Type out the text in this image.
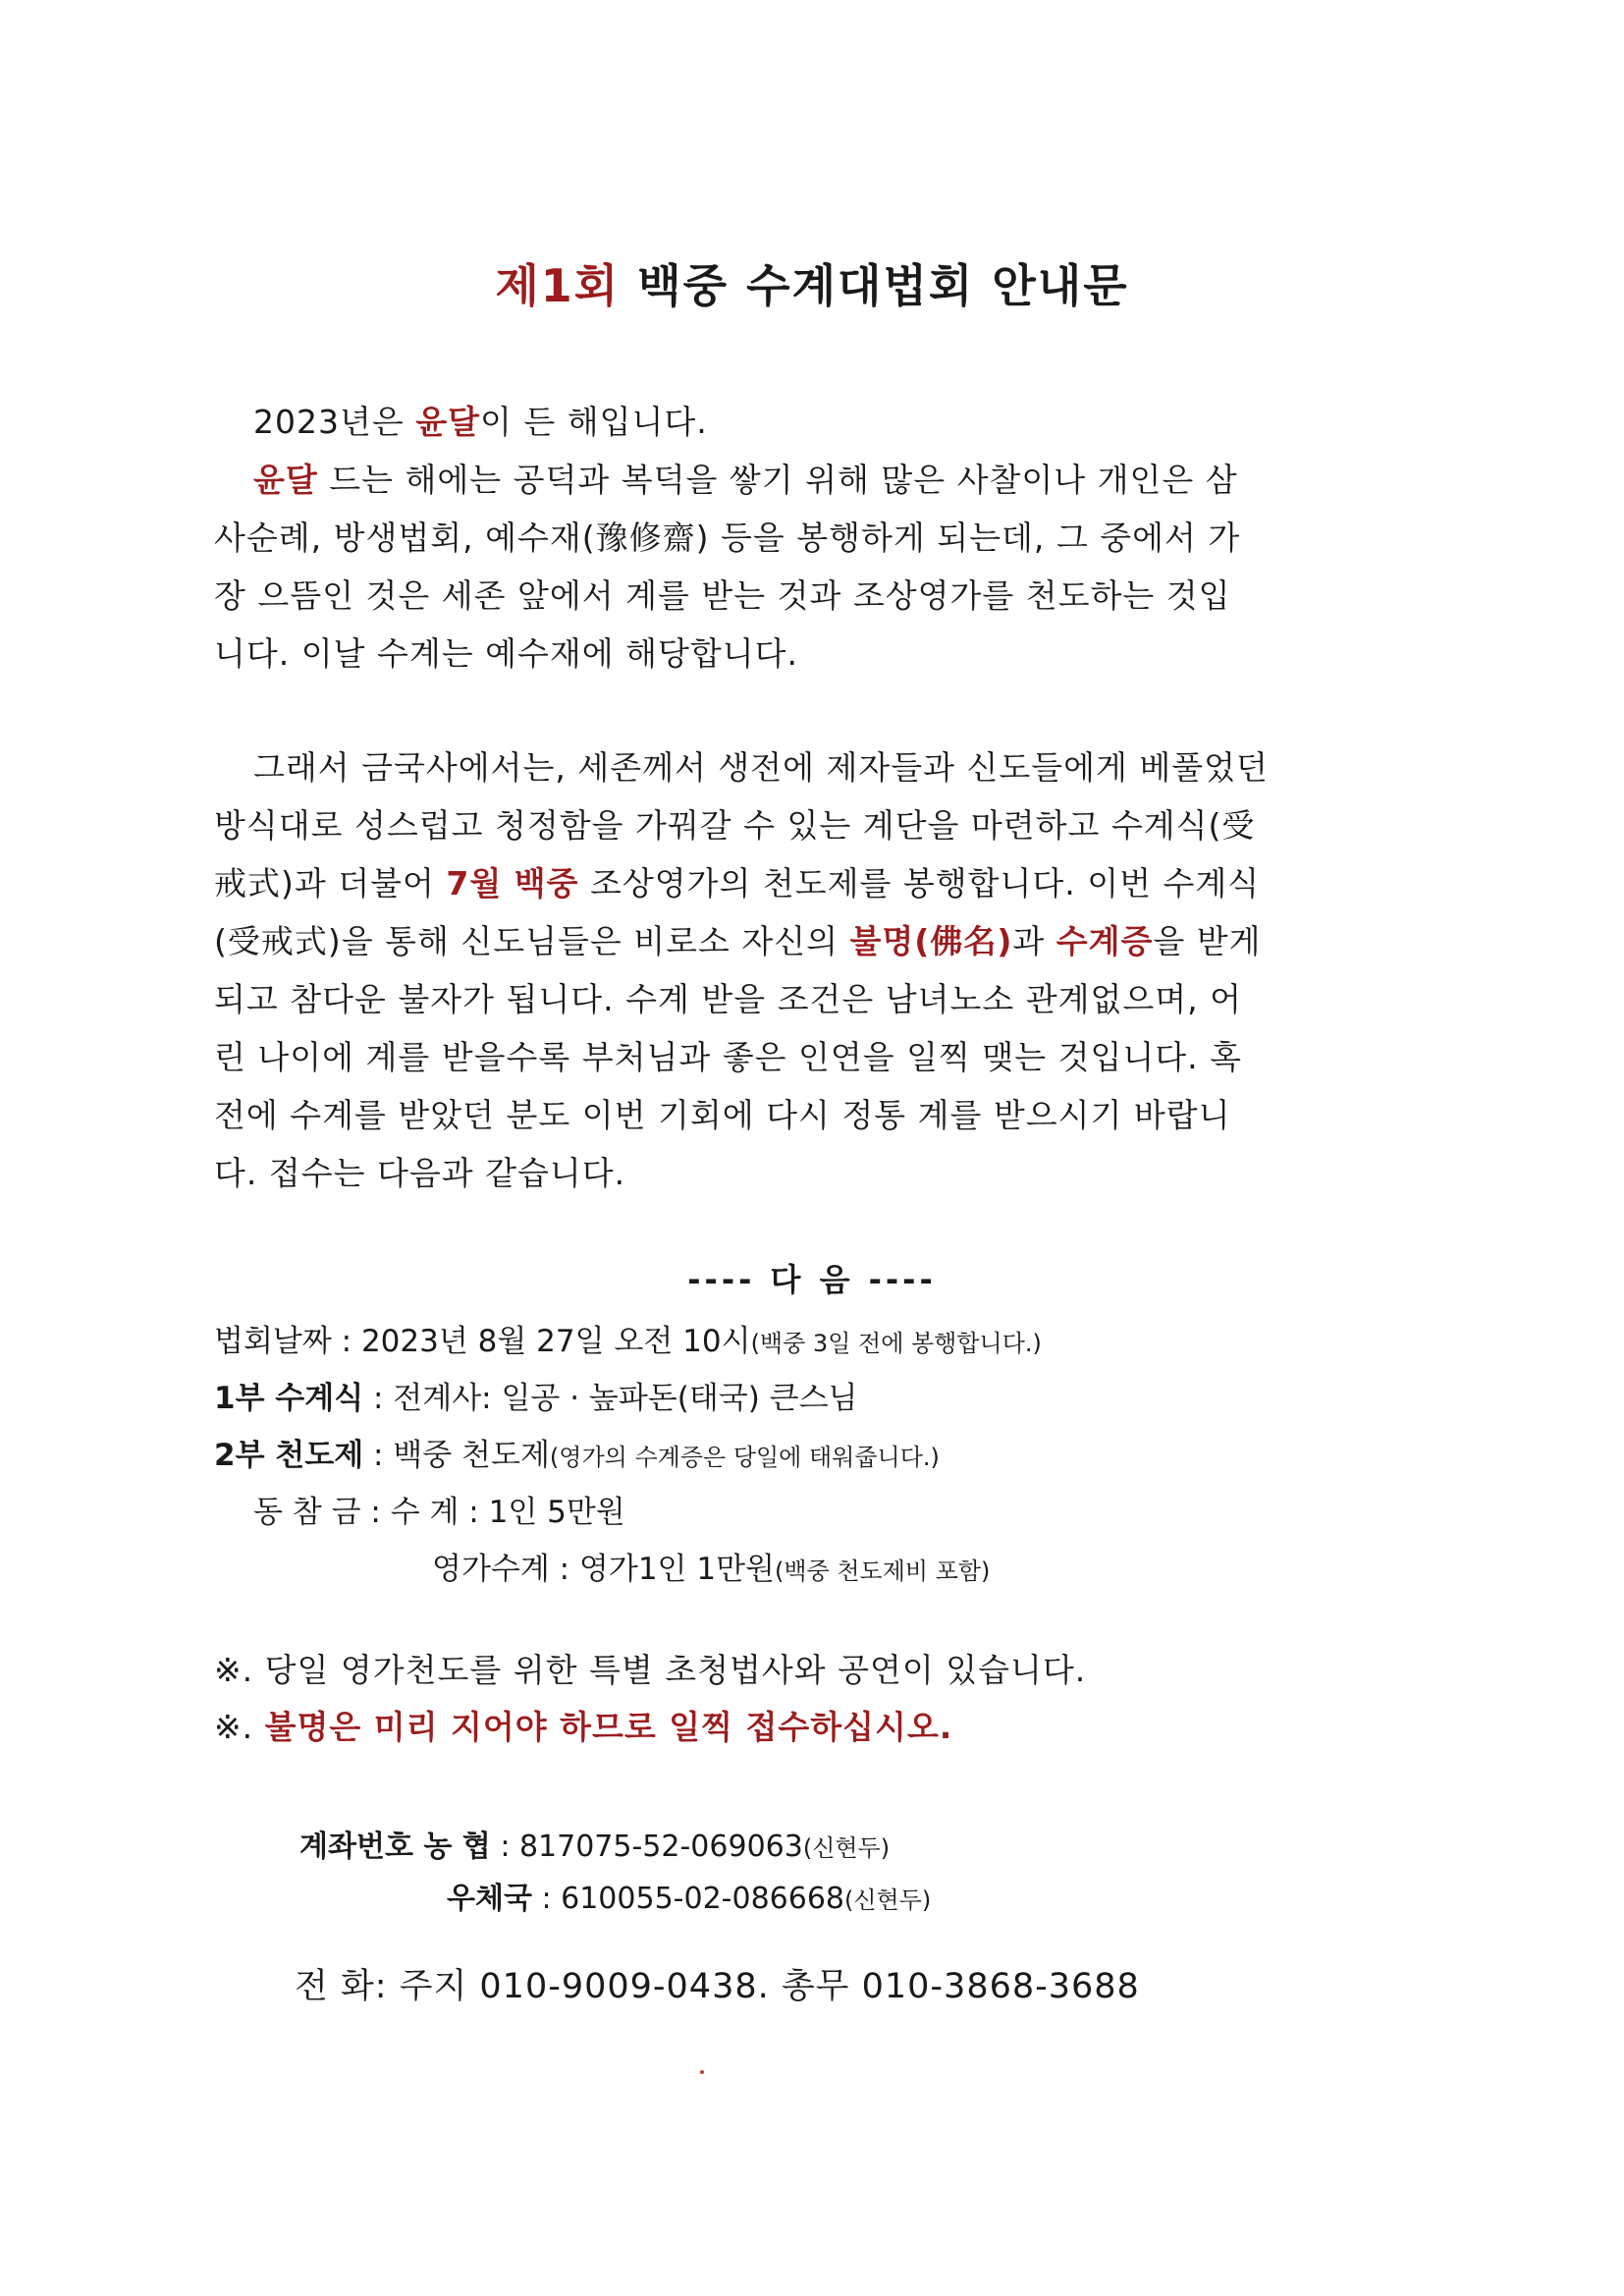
제1회 백중 수계대법회 안내문
2023년은 윤달이 든 해입니다.
윤달 드는 해에는 공덕과 복덕을 쌓기 위해 많은 사찰이나 개인은 삼
사순례, 방생법회, 예수재(豫修齋) 등을 봉행하게 되는데, 그 중에서 가
장 으뜸인 것은 세존 앞에서 계를 받는 것과 조상영가를 천도하는 것입
니다. 이날 수계는 예수재에 해당합니다.
그래서 금국사에서는, 세존께서 생전에 제자들과 신도들에게 베풀었던
방식대로 성스럽고 청정함을 가꿔갈 수 있는 계단을 마련하고 수계식(受
戒式)과 더불어 7월 백중 조상영가의 천도제를 봉행합니다. 이번 수계식
(受戒式)을 통해 신도님들은 비로소 자신의 불명(佛名)과 수계증을 받게
되고 참다운 불자가 됩니다. 수계 받을 조건은 남녀노소 관계없으며, 어
린 나이에 계를 받을수록 부처님과 좋은 인연을 일찍 맺는 것입니다. 혹
전에 수계를 받았던 분도 이번 기회에 다시 정통 계를 받으시기 바랍니
다. 접수는 다음과 같습니다.
---- 다 음 ----
법회날짜 : 2023년 8월 27일 오전 10시(백중 3일 전에 봉행합니다.)
1부 수계식 : 전계사: 일공 · 높파돈(태국) 큰스님
2부 천도제 : 백중 천도제(영가의 수계증은 당일에 태워줍니다.)
동 참 금 : 수 계 : 1인 5만원
영가수계 : 영가1인 1만원(백중 천도제비 포함)
※. 당일 영가천도를 위한 특별 초청법사와 공연이 있습니다.
※. 불명은 미리 지어야 하므로 일찍 접수하십시오.
계좌번호 농 협 : 817075-52-069063(신현두)
우체국 : 610055-02-086668(신현두)
전 화: 주지 010-9009-0438. 총무 010-3868-3688
